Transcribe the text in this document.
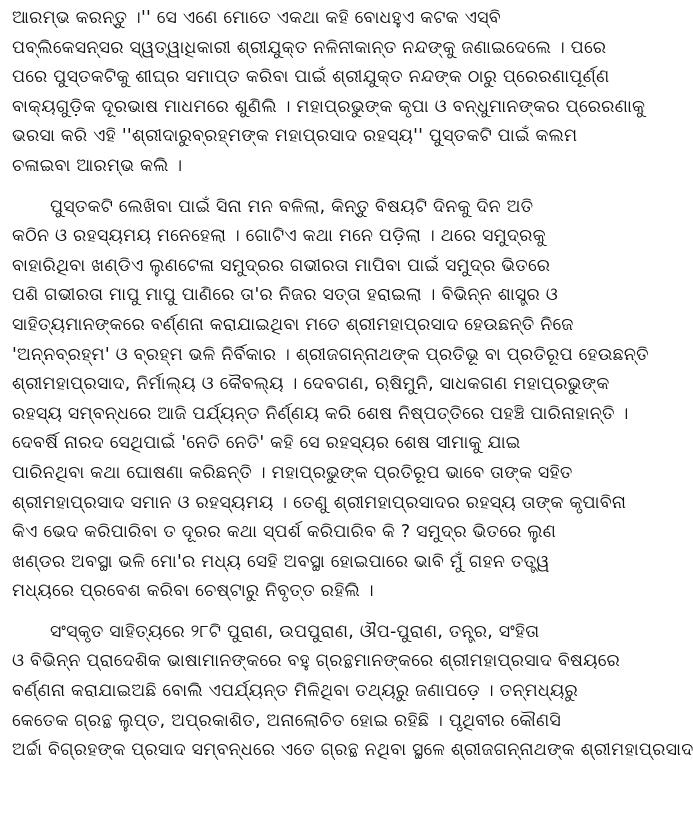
ଆରମ୍ଭ କରନ୍ତୁ ।'' ସେ ଏଣେ ମୋତେ ଏକଥା କହି ବୋଧହୁଏ କଟକ ଏସ୍‌ବି
ପବ୍ଲିକେସନ୍‌ସର ସ୍ୱତ୍ୱାଧିକାରୀ ଶ୍ରୀଯୁକ୍ତ ନଳିନୀକାନ୍ତ ନନ୍ଦଙ୍କୁ ଜଣାଇଦେଲେ । ପରେ
ପରେ ପୁସ୍ତକଟିକୁ ଶୀଘ୍ର ସମାପ୍ତ କରିବା ପାଇଁ ଶ୍ରୀଯୁକ୍ତ ନନ୍ଦଙ୍କ ଠାରୁ ପ୍ରେରଣାପୂର୍ଣ୍ଣ
ବାକ୍ୟଗୁଡ଼ିକ ଦୂରଭାଷ ମାଧମରେ ଶୁଣିଲି । ମହାପ୍ରଭୁଙ୍କ କୃପା ଓ ବନ୍ଧୁମାନଙ୍କର ପ୍ରେରଣାକୁ
ଭରସା କରି ଏହି ''ଶ୍ରୀଦାରୁବ୍ରହ୍ମଙ୍କ ମହାପ୍ରସାଦ ରହସ୍ୟ'' ପୁସ୍ତକଟି ପାଇଁ କଲମ
ଚଳାଇବା ଆରମ୍ଭ କଲି ।
ପୁସ୍ତକଟି ଲେଖିବା ପାଇଁ ସିନା ମନ ବଳିଲା, କିନ୍ତୁ ବିଷୟଟି ଦିନକୁ ଦିନ ଅତି
କଠିନ ଓ ରହସ୍ୟମୟ ମନେହେଲା । ଗୋଟିଏ କଥା ମନେ ପଡ଼ିଲା । ଥରେ ସମୁଦ୍ରକୁ
ବାହାରିଥିବା ଖଣ୍ଡିଏ ଲୁଣଟେଳା ସମୁଦ୍ରର ଗଭୀରତା ମାପିବା ପାଇଁ ସମୁଦ୍ର ଭିତରେ
ପଶି ଗଭୀରତା ମାପୁ ମାପୁ ପାଣିରେ ତା'ର ନିଜର ସତ୍ତା ହରାଇଲା । ବିଭିନ୍ନ ଶାସ୍ତ୍ର ଓ
ସାହିତ୍ୟମାନଙ୍କରେ ବର୍ଣ୍ଣନା କରାଯାଇଥିବା ମତେ ଶ୍ରୀମହାପ୍ରସାଦ ହେଉଛନ୍ତି ନିଜେ
'ଅନ୍ନବ୍ରହ୍ମ' ଓ ବ୍ରହ୍ମ ଭଳି ନିର୍ବିକାର । ଶ୍ରୀଜଗନ୍ନାଥଙ୍କ ପ୍ରତିଭୂ ବା ପ୍ରତିରୂପ ହେଉଛନ୍ତି
ଶ୍ରୀମହାପ୍ରସାଦ, ନିର୍ମାଲ୍ୟ ଓ କୈବଲ୍ୟ । ଦେବଗଣ, ଋଷିମୁନି, ସାଧକଗଣ ମହାପ୍ରଭୁଙ୍କ
ରହସ୍ୟ ସମ୍ବନ୍ଧରେ ଆଜି ପର୍ଯ୍ୟନ୍ତ ନିର୍ଣ୍ଣୟ କରି ଶେଷ ନିଷ୍ପତ୍ତିରେ ପହଞ୍ଚି ପାରିନାହାନ୍ତି ।
ଦେବର୍ଷି ନାରଦ ସେଥିପାଇଁ 'ନେତି ନେତି' କହି ସେ ରହସ୍ୟର ଶେଷ ସୀମାକୁ ଯାଇ
ପାରିନଥିବା କଥା ଘୋଷଣା କରିଛନ୍ତି । ମହାପ୍ରଭୁଙ୍କ ପ୍ରତିରୂପ ଭାବେ ତାଙ୍କ ସହିତ
ଶ୍ରୀମହାପ୍ରସାଦ ସମାନ ଓ ରହସ୍ୟମୟ । ତେଣୁ ଶ୍ରୀମହାପ୍ରସାଦର ରହସ୍ୟ ତାଙ୍କ କୃପାବିନା
କିଏ ଭେଦ କରିପାରିବା ତ ଦୂରର କଥା ସ୍ପର୍ଶ କରିପାରିବ କି ? ସମୁଦ୍ର ଭିତରେ ଲୁଣ
ଖଣ୍ଡର ଅବସ୍ଥା ଭଳି ମୋ'ର ମଧ୍ୟ ସେହି ଅବସ୍ଥା ହୋଇପାରେ ଭାବି ମୁଁ ଗହନ ତତ୍ତ୍ୱ
ମଧ୍ୟରେ ପ୍ରବେଶ କରିବା ଚେଷ୍ଟାରୁ ନିବୃତ୍ତ ରହିଲି ।
ସଂସ୍କୃତ ସାହିତ୍ୟରେ ୨୮ଟି ପୁରାଣ, ଉପପୁରାଣ, ଔପ-ପୁରାଣ, ତନ୍ତ୍ର, ସଂହିତା
ଓ ବିଭିନ୍ନ ପ୍ରାଦେଶିକ ଭାଷାମାନଙ୍କରେ ବହୁ ଗ୍ରନ୍ଥମାନଙ୍କରେ ଶ୍ରୀମହାପ୍ରସାଦ ବିଷୟରେ
ବର୍ଣ୍ଣନା କରାଯାଇଅଛି ବୋଲି ଏପର୍ଯ୍ୟନ୍ତ ମିଳିଥିବା ତଥ୍ୟରୁ ଜଣାପଡ଼େ । ତନ୍ମଧ୍ୟରୁ
କେତେକ ଗ୍ରନ୍ଥ ଲୁପ୍ତ, ଅପ୍ରକାଶିତ, ଅନାଲୋଚିତ ହୋଇ ରହିଛି । ପୃଥିବୀର କୌଣସି
ଅର୍ଚ୍ଚା ବିଗ୍ରହଙ୍କ ପ୍ରସାଦ ସମ୍ବନ୍ଧରେ ଏତେ ଗ୍ରନ୍ଥ ନଥିବା ସ୍ଥଳେ ଶ୍ରୀଜଗନ୍ନାଥଙ୍କ ଶ୍ରୀମହାପ୍ରସାଦ
